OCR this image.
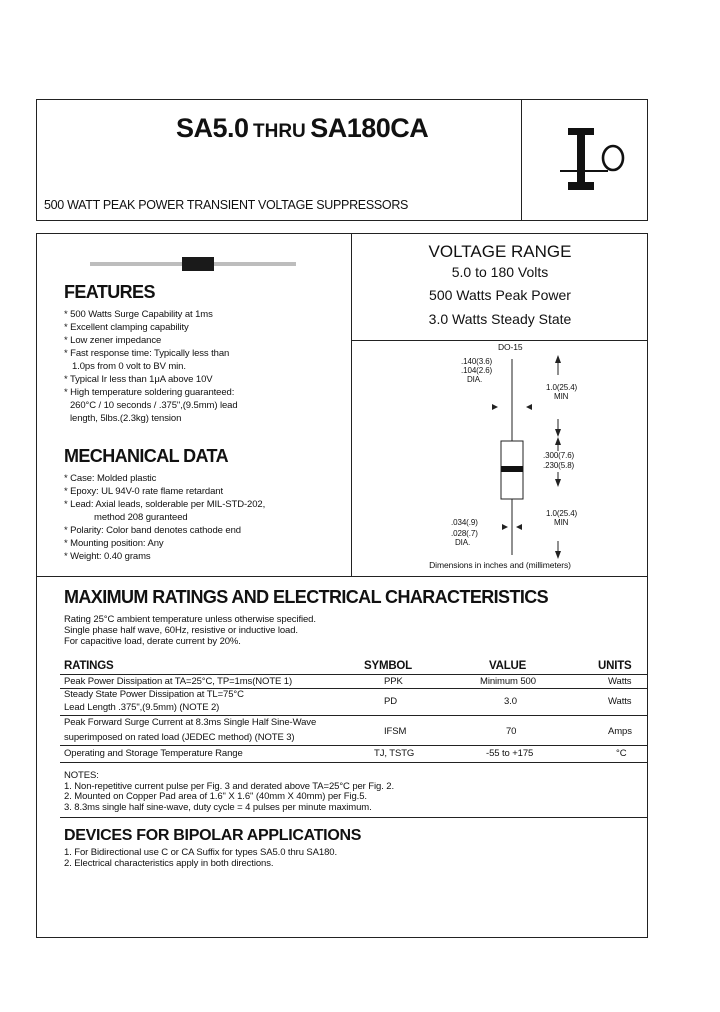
SA5.0 THRU SA180CA
500 WATT PEAK POWER TRANSIENT VOLTAGE SUPPRESSORS
VOLTAGE RANGE
5.0 to 180 Volts
500 Watts Peak Power
3.0 Watts Steady State
FEATURES
* 500 Watts Surge Capability at 1ms
* Excellent clamping capability
* Low zener impedance
* Fast response time: Typically less than
1.0ps from 0 volt to BV min.
* Typical Ir less than 1μA above 10V
* High temperature soldering guaranteed:
260°C / 10 seconds / .375",(9.5mm) lead
length, 5lbs.(2.3kg) tension
MECHANICAL DATA
* Case: Molded plastic
* Epoxy: UL 94V-0 rate flame retardant
* Lead: Axial leads, solderable per MIL-STD-202,
method 208 guranteed
* Polarity: Color band denotes cathode end
* Mounting position: Any
* Weight: 0.40 grams
DO-15
.140(3.6)
.104(2.6)
DIA.
1.0(25.4)
MIN
.300(7.6)
.230(5.8)
1.0(25.4)
MIN
.034(.9)
.028(.7)
DIA.
Dimensions in inches and (millimeters)
MAXIMUM RATINGS AND ELECTRICAL CHARACTERISTICS
Rating 25°C ambient temperature unless otherwise specified.
Single phase half wave, 60Hz, resistive or inductive load.
For capacitive load, derate current by 20%.
RATINGS	SYMBOL	VALUE	UNITS
Peak Power Dissipation at TA=25°C, TP=1ms(NOTE 1)	PPK	Minimum 500	Watts
Steady State Power Dissipation at TL=75°C
Lead Length .375",(9.5mm) (NOTE 2)
PD	3.0	Watts
Peak Forward Surge Current at 8.3ms Single Half Sine-Wave
superimposed on rated load (JEDEC method) (NOTE 3)
IFSM	70	Amps
Operating and Storage Temperature Range	TJ, TSTG	-55 to +175	°C
NOTES:
1. Non-repetitive current pulse per Fig. 3 and derated above TA=25°C per Fig. 2.
2. Mounted on Copper Pad area of 1.6" X 1.6" (40mm X 40mm) per Fig.5.
3. 8.3ms single half sine-wave, duty cycle = 4 pulses per minute maximum.
DEVICES FOR BIPOLAR APPLICATIONS
1. For Bidirectional use C or CA Suffix for types SA5.0 thru SA180.
2. Electrical characteristics apply in both directions.
